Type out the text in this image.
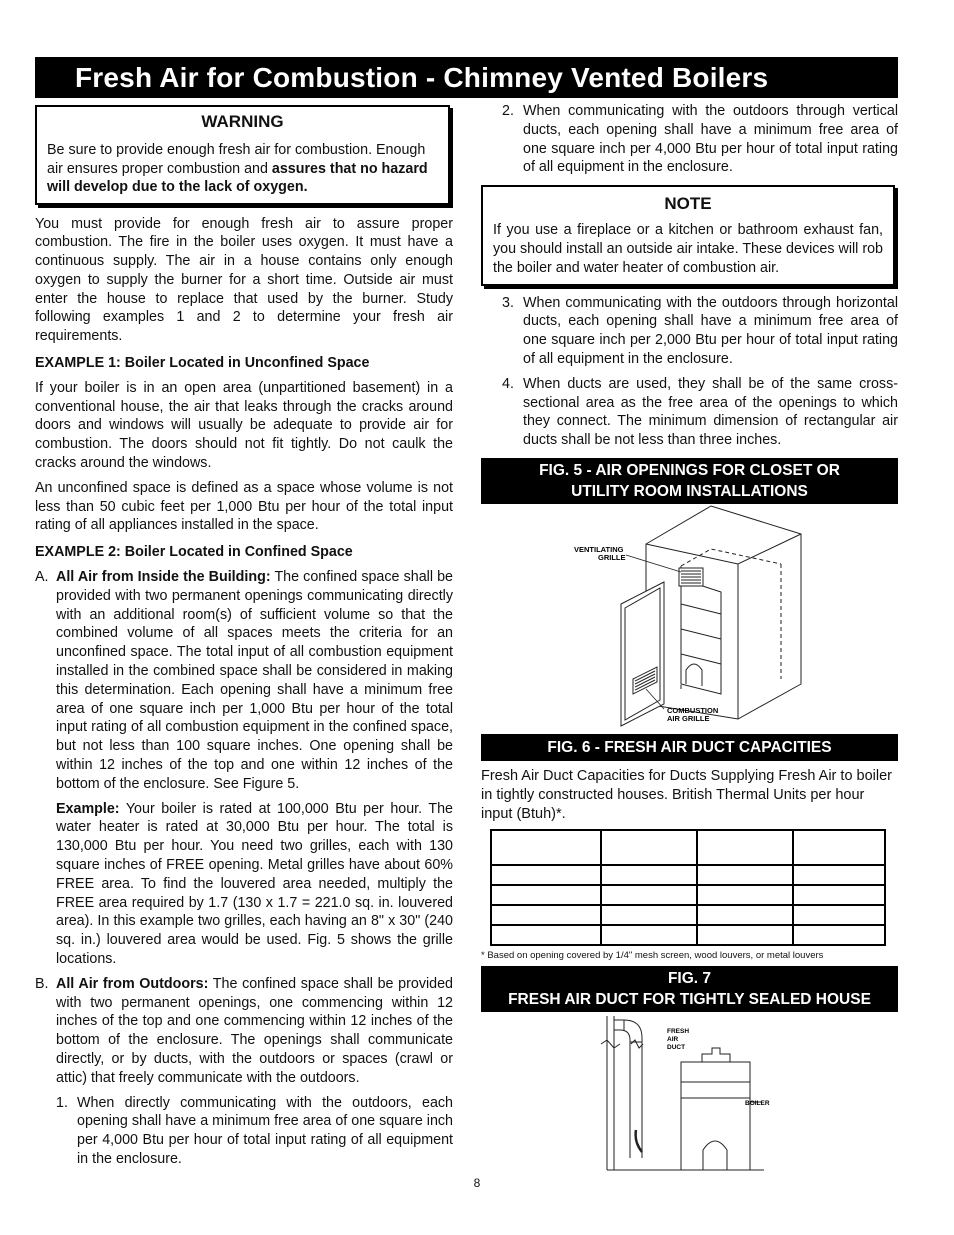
Fresh Air for Combustion - Chimney Vented Boilers
WARNING
Be sure to provide enough fresh air for combustion. Enough air ensures proper combustion and assures that no hazard will develop due to the lack of oxygen.

You must provide for enough fresh air to assure proper combustion. The fire in the boiler uses oxygen. It must have a continuous supply. The air in a house contains only enough oxygen to supply the burner for a short time. Outside air must enter the house to replace that used by the burner. Study following examples 1 and 2 to determine your fresh air requirements.

EXAMPLE 1: Boiler Located in Unconfined Space

If your boiler is in an open area (unpartitioned basement) in a conventional house, the air that leaks through the cracks around doors and windows will usually be adequate to provide air for combustion. The doors should not fit tightly. Do not caulk the cracks around the windows.

An unconfined space is defined as a space whose volume is not less than 50 cubic feet per 1,000 Btu per hour of the total input rating of all appliances installed in the space.

EXAMPLE 2: Boiler Located in Confined Space
A. All Air from Inside the Building: The confined space shall be provided with two permanent openings communicating directly with an additional room(s) of sufficient volume so that the combined volume of all spaces meets the criteria for an unconfined space. The total input of all combustion equipment installed in the combined space shall be considered in making this determination. Each opening shall have a minimum free area of one square inch per 1,000 Btu per hour of the total input rating of all combustion equipment in the confined space, but not less than 100 square inches. One opening shall be within 12 inches of the top and one within 12 inches of the bottom of the enclosure. See Figure 5.

Example: Your boiler is rated at 100,000 Btu per hour. The water heater is rated at 30,000 Btu per hour. The total is 130,000 Btu per hour. You need two grilles, each with 130 square inches of FREE opening. Metal grilles have about 60% FREE area. To find the louvered area needed, multiply the FREE area required by 1.7 (130 x 1.7 = 221.0 sq. in. louvered area). In this example two grilles, each having an 8" x 30" (240 sq. in.) louvered area would be used. Fig. 5 shows the grille locations.

B. All Air from Outdoors: The confined space shall be provided with two permanent openings, one commencing within 12 inches of the top and one commencing within 12 inches of the bottom of the enclosure. The openings shall communicate directly, or by ducts, with the outdoors or spaces (crawl or attic) that freely communicate with the outdoors.
1. When directly communicating with the outdoors, each opening shall have a minimum free area of one square inch per 4,000 Btu per hour of total input rating of all equipment in the enclosure.
2. When communicating with the outdoors through vertical ducts, each opening shall have a minimum free area of one square inch per 4,000 Btu per hour of total input rating of all equipment in the enclosure.
NOTE

If you use a fireplace or a kitchen or bathroom exhaust fan, you should install an outside air intake. These devices will rob the boiler and water heater of combustion air.

3. When communicating with the outdoors through horizontal ducts, each opening shall have a minimum free area of one square inch per 2,000 Btu per hour of total input rating of all equipment in the enclosure.
4. When ducts are used, they shall be of the same cross-sectional area as the free area of the openings to which they connect. The minimum dimension of rectangular air ducts shall be not less than three inches.
FIG. 5 - AIR OPENINGS FOR CLOSET OR
UTILITY ROOM INSTALLATIONS
VENTILATING
GRILLE
COMBUSTION
AIR GRILLE
FIG. 6 - FRESH AIR DUCT CAPACITIES
Fresh Air Duct Capacities for Ducts Supplying Fresh Air to boiler in tightly constructed houses. British Thermal Units per hour input (Btuh)*.

* Based on opening covered by 1/4" mesh screen, wood louvers, or metal louvers
FIG. 7
FRESH AIR DUCT FOR TIGHTLY SEALED HOUSE
FRESH
AIR
DUCT
BOILER
8
